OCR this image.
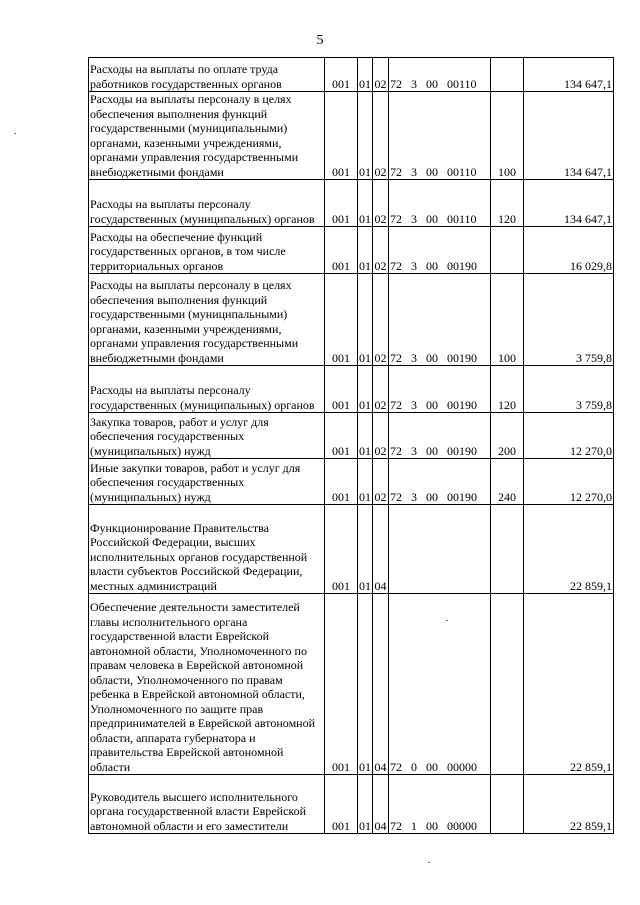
5
Расходы на выплаты по оплате труда работников государственных органов	001	01	02	72 3 00 00110		134 647,1
Расходы на выплаты персоналу в целях обеспечения выполнения функций государственными (муниципальными) органами, казенными учреждениями, органами управления государственными внебюджетными фондами	001	01	02	72 3 00 00110	100	134 647,1
Расходы на выплаты персоналу государственных (муниципальных) органов	001	01	02	72 3 00 00110	120	134 647,1
Расходы на обеспечение функций государственных органов, в том числе территориальных органов	001	01	02	72 3 00 00190		16 029,8
Расходы на выплаты персоналу в целях обеспечения выполнения функций государственными (муниципальными) органами, казенными учреждениями, органами управления государственными внебюджетными фондами	001	01	02	72 3 00 00190	100	3 759,8
Расходы на выплаты персоналу государственных (муниципальных) органов	001	01	02	72 3 00 00190	120	3 759,8
Закупка товаров, работ и услуг для обеспечения государственных (муниципальных) нужд	001	01	02	72 3 00 00190	200	12 270,0
Иные закупки товаров, работ и услуг для обеспечения государственных (муниципальных) нужд	001	01	02	72 3 00 00190	240	12 270,0
Функционирование Правительства Российской Федерации, высших исполнительных органов государственной власти субъектов Российской Федерации, местных администраций	001	01	04			22 859,1
Обеспечение деятельности заместителей главы исполнительного органа государственной власти Еврейской автономной области, Уполномоченного по правам человека в Еврейской автономной области, Уполномоченного по правам ребенка в Еврейской автономной области, Уполномоченного по защите прав предпринимателей в Еврейской автономной области, аппарата губернатора и правительства Еврейской автономной области	001	01	04	72 0 00 00000		22 859,1
Руководитель высшего исполнительного органа государственной власти Еврейской автономной области и его заместители	001	01	04	72 1 00 00000		22 859,1
